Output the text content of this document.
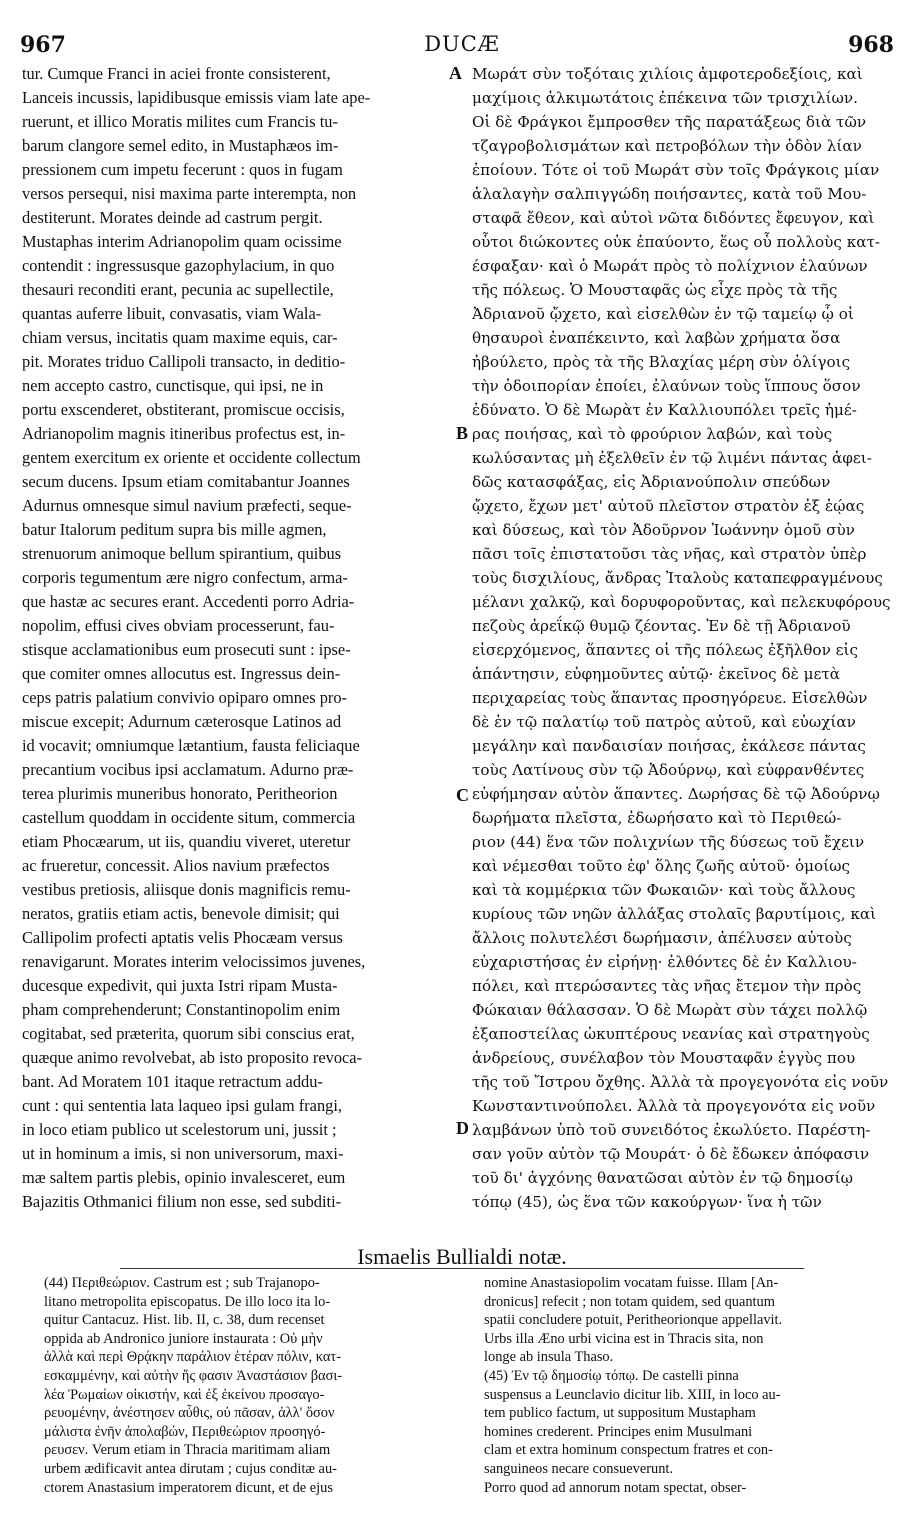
967	DUCÆ	968
tur. Cumque Franci in aciei fronte consisterent,
Lanceis incussis, lapidibusque emissis viam late ape-
ruerunt, et illico Moratis milites cum Francis tu-
barum clangore semel edito, in Mustaphæos im-
pressionem cum impetu fecerunt : quos in fugam
versos persequi, nisi maxima parte interempta, non
destiterunt. Morates deinde ad castrum pergit.
Mustaphas interim Adrianopolim quam ocissime
contendit : ingressusque gazophylacium, in quo
thesauri reconditi erant, pecunia ac supellectile,
quantas auferre libuit, convasatis, viam Wala-
chiam versus, incitatis quam maxime equis, car-
pit. Morates triduo Callipoli transacto, in deditio-
nem accepto castro, cunctisque, qui ipsi, ne in
portu exscenderet, obstiterant, promiscue occisis,
Adrianopolim magnis itineribus profectus est, in-
gentem exercitum ex oriente et occidente collectum
secum ducens. Ipsum etiam comitabantur Joannes
Adurnus omnesque simul navium præfecti, seque-
batur Italorum peditum supra bis mille agmen,
strenuorum animoque bellum spirantium, quibus
corporis tegumentum ære nigro confectum, arma-
que hastæ ac secures erant. Accedenti porro Adria-
nopolim, effusi cives obviam processerunt, fau-
stisque acclamationibus eum prosecuti sunt : ipse-
que comiter omnes allocutus est. Ingressus dein-
ceps patris palatium convivio opiparo omnes pro-
miscue excepit; Adurnum cæterosque Latinos ad
id vocavit; omniumque lætantium, fausta feliciaque
precantium vocibus ipsi acclamatum. Adurno præ-
terea plurimis muneribus honorato, Peritheorion
castellum quoddam in occidente situm, commercia
etiam Phocæarum, ut iis, quandiu viveret, uteretur
ac frueretur, concessit. Alios navium præfectos
vestibus pretiosis, aliisque donis magnificis remu-
neratos, gratiis etiam actis, benevole dimisit; qui
Callipolim profecti aptatis velis Phocæam versus
renavigarunt. Morates interim velocissimos juvenes,
ducesque expedivit, qui juxta Istri ripam Musta-
pham comprehenderunt; Constantinopolim enim
cogitabat, sed præterita, quorum sibi conscius erat,
quæque animo revolvebat, ab isto proposito revoca-
bant. Ad Moratem 101 itaque retractum addu-
cunt : qui sententia lata laqueo ipsi gulam frangi,
in loco etiam publico ut scelestorum uni, jussit ;
ut in hominum a imis, si non universorum, maxi-
mæ saltem partis plebis, opinio invalesceret, eum
Bajazitis Othmanici filium non esse, sed subditi-
A
B
C
D
Μωράτ σὺν τοξόταις χιλίοις ἀμφοτεροδεξίοις, καὶ
μαχίμοις ἀλκιμωτάτοις ἐπέκεινα τῶν τρισχιλίων.
Οἱ δὲ Φράγκοι ἔμπροσθεν τῆς παρατάξεως διὰ τῶν
τζαγροβολισμάτων καὶ πετροβόλων τὴν ὁδὸν λίαν
ἐποίουν. Τότε οἱ τοῦ Μωράτ σὺν τοῖς Φράγκοις μίαν
ἀλαλαγὴν σαλπιγγώδη ποιήσαντες, κατὰ τοῦ Μου-
σταφᾶ ἔθεον, καὶ αὐτοὶ νῶτα διδόντες ἔφευγον, καὶ
οὗτοι διώκοντες οὐκ ἐπαύοντο, ἕως οὗ πολλοὺς κατ-
έσφαξαν· καὶ ὁ Μωράτ πρὸς τὸ πολίχνιον ἐλαύνων
τῆς πόλεως. Ὁ Μουσταφᾶς ὡς εἶχε πρὸς τὰ τῆς
Ἀδριανοῦ ᾤχετο, καὶ εἰσελθὼν ἐν τῷ ταμείῳ ᾧ οἱ
θησαυροὶ ἐναπέκειντο, καὶ λαβὼν χρήματα ὅσα
ἠβούλετο, πρὸς τὰ τῆς Βλαχίας μέρη σὺν ὀλίγοις
τὴν ὁδοιπορίαν ἐποίει, ἐλαύνων τοὺς ἵππους ὅσον
ἐδύνατο. Ὁ δὲ Μωρὰτ ἐν Καλλιουπόλει τρεῖς ἡμέ-
ρας ποιήσας, καὶ τὸ φρούριον λαβών, καὶ τοὺς
κωλύσαντας μὴ ἐξελθεῖν ἐν τῷ λιμένι πάντας ἀφει-
δῶς κατασφάξας, εἰς Ἀδριανούπολιν σπεύδων
ᾤχετο, ἔχων μετ' αὐτοῦ πλεῖστον στρατὸν ἐξ ἑῴας
καὶ δύσεως, καὶ τὸν Ἀδοῦρνον Ἰωάννην ὁμοῦ σὺν
πᾶσι τοῖς ἐπιστατοῦσι τὰς νῆας, καὶ στρατὸν ὑπὲρ
τοὺς δισχιλίους, ἄνδρας Ἰταλοὺς καταπεφραγμένους
μέλανι χαλκῷ, καὶ δορυφοροῦντας, καὶ πελεκυφόρους
πεζοὺς ἀρεΐκῷ θυμῷ ζέοντας. Ἐν δὲ τῇ Ἀδριανοῦ
εἰσερχόμενος, ἅπαντες οἱ τῆς πόλεως ἐξῆλθον εἰς
ἀπάντησιν, εὐφημοῦντες αὐτῷ· ἐκεῖνος δὲ μετὰ
περιχαρείας τοὺς ἅπαντας προσηγόρευε. Εἰσελθὼν
δὲ ἐν τῷ παλατίῳ τοῦ πατρὸς αὐτοῦ, καὶ εὐωχίαν
μεγάλην καὶ πανδαισίαν ποιήσας, ἐκάλεσε πάντας
τοὺς Λατίνους σὺν τῷ Ἀδούρνῳ, καὶ εὐφρανθέντες
εὐφήμησαν αὐτὸν ἅπαντες. Δωρήσας δὲ τῷ Ἀδούρνῳ
δωρήματα πλεῖστα, ἐδωρήσατο καὶ τὸ Περιθεώ-
ριον (44) ἕνα τῶν πολιχνίων τῆς δύσεως τοῦ ἔχειν
καὶ νέμεσθαι τοῦτο ἐφ' ὅλης ζωῆς αὐτοῦ· ὁμοίως
καὶ τὰ κομμέρκια τῶν Φωκαιῶν· καὶ τοὺς ἄλλους
κυρίους τῶν νηῶν ἀλλάξας στολαῖς βαρυτίμοις, καὶ
ἄλλοις πολυτελέσι δωρήμασιν, ἀπέλυσεν αὐτοὺς
εὐχαριστήσας ἐν εἰρήνῃ· ἐλθόντες δὲ ἐν Καλλιου-
πόλει, καὶ πτερώσαντες τὰς νῆας ἔτεμον τὴν πρὸς
Φώκαιαν θάλασσαν. Ὁ δὲ Μωρὰτ σὺν τάχει πολλῷ
ἐξαποστείλας ὠκυπτέρους νεανίας καὶ στρατηγοὺς
ἀνδρείους, συνέλαβον τὸν Μουσταφᾶν ἐγγὺς που
τῆς τοῦ Ἴστρου ὄχθης. Ἀλλὰ τὰ προγεγονότα εἰς νοῦν
Κωνσταντινούπολει. Ἀλλὰ τὰ προγεγονότα εἰς νοῦν
λαμβάνων ὑπὸ τοῦ συνειδότος ἐκωλύετο. Παρέστη-
σαν γοῦν αὐτὸν τῷ Μουράτ· ὁ δὲ ἔδωκεν ἀπόφασιν
τοῦ δι' ἀγχόνης θανατῶσαι αὐτὸν ἐν τῷ δημοσίῳ
τόπῳ (45), ὡς ἕνα τῶν κακούργων· ἵνα ἡ τῶν
Ismaelis Bullialdi notæ.
(44) Περιθεώριον. Castrum est ; sub Trajanopo-
litano metropolita episcopatus. De illo loco ita lo-
quitur Cantacuz. Hist. lib. II, c. 38, dum recenset
oppida ab Andronico juniore instaurata : Οὐ μὴν
ἀλλὰ καὶ περὶ Θρᾴκην παράλιον ἑτέραν πόλιν, κατ-
εσκαμμένην, καὶ αὐτὴν ἥς φασιν Ἀναστάσιον βασι-
λέα Ῥωμαίων οἰκιστήν, καὶ ἐξ ἐκείνου προσαγο-
ρευομένην, ἀνέστησεν αὖθις, οὐ πᾶσαν, ἀλλ' ὅσον
μάλιστα ἐνῆν ἀπολαβών, Περιθεώριον προσηγό-
ρευσεν. Verum etiam in Thracia maritimam aliam
urbem ædificavit antea dirutam ; cujus conditæ au-
ctorem Anastasium imperatorem dicunt, et de ejus
nomine Anastasiopolim vocatam fuisse. Illam [An-
dronicus] refecit ; non totam quidem, sed quantum
spatii concludere potuit, Peritheorionque appellavit.
Urbs illa Æno urbi vicina est in Thracis sita, non
longe ab insula Thaso.
(45) Ἐν τῷ δημοσίῳ τόπῳ. De castelli pinna
suspensus a Leunclavio dicitur lib. XIII, in loco au-
tem publico factum, ut suppositum Mustapham
homines crederent. Principes enim Musulmani
clam et extra hominum conspectum fratres et con-
sanguineos necare consueverunt.
Porro quod ad annorum notam spectat, obser-
